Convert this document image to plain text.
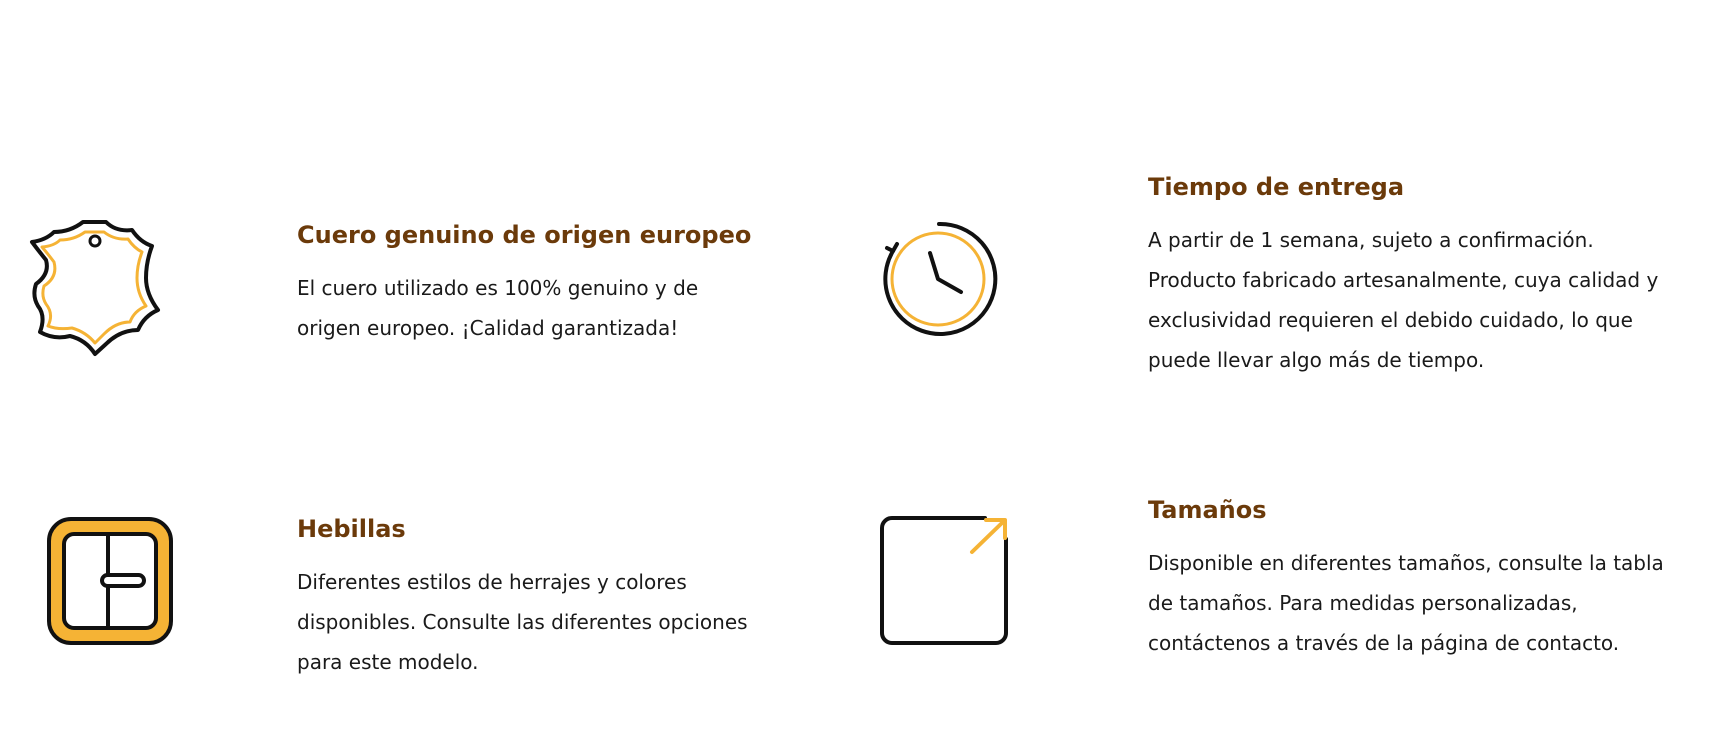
Cuero genuino de origen europeo

El cuero utilizado es 100% genuino y de origen europeo. ¡Calidad garantizada!

Tiempo de entrega

A partir de 1 semana, sujeto a confirmación. Producto fabricado artesanalmente, cuya calidad y exclusividad requieren el debido cuidado, lo que puede llevar algo más de tiempo.

Hebillas

Diferentes estilos de herrajes y colores disponibles. Consulte las diferentes opciones para este modelo.

Tamaños

Disponible en diferentes tamaños, consulte la tabla de tamaños. Para medidas personalizadas, contáctenos a través de la página de contacto.
